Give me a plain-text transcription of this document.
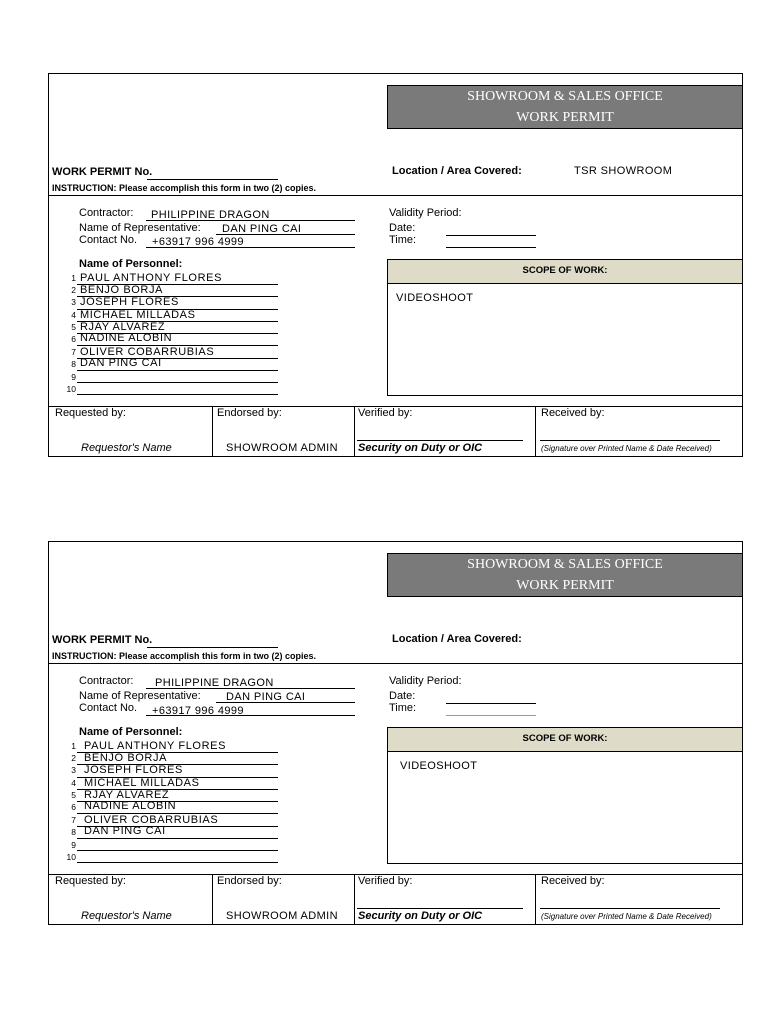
SHOWROOM & SALES OFFICE
WORK PERMIT
WORK PERMIT No.
INSTRUCTION: Please accomplish this form in two (2) copies.
Location / Area Covered:	TSR SHOWROOM
Contractor: PHILIPPINE DRAGON
Name of Representative: DAN PING CAI
Contact No. +63917 996 4999
Validity Period:
Date:
Time:
Name of Personnel:
1 PAUL ANTHONY FLORES
2 BENJO BORJA
3 JOSEPH FLORES
4 MICHAEL MILLADAS
5 RJAY ALVAREZ
6 NADINE ALOBIN
7 OLIVER COBARRUBIAS
8 DAN PING CAI
9
10
SCOPE OF WORK:
VIDEOSHOOT
Requested by:
Requestor's Name
Endorsed by:
SHOWROOM ADMIN
Verified by:
Security on Duty or OIC
Received by:
(Signature over Printed Name & Date Received)
SHOWROOM & SALES OFFICE
WORK PERMIT
WORK PERMIT No.
INSTRUCTION: Please accomplish this form in two (2) copies.
Location / Area Covered:
Contractor: PHILIPPINE DRAGON
Name of Representative: DAN PING CAI
Contact No. +63917 996 4999
Validity Period:
Date:
Time:
Name of Personnel:
1 PAUL ANTHONY FLORES
2 BENJO BORJA
3 JOSEPH FLORES
4 MICHAEL MILLADAS
5 RJAY ALVAREZ
6 NADINE ALOBIN
7 OLIVER COBARRUBIAS
8 DAN PING CAI
9
10
SCOPE OF WORK:
VIDEOSHOOT
Requested by:
Requestor's Name
Endorsed by:
SHOWROOM ADMIN
Verified by:
Security on Duty or OIC
Received by:
(Signature over Printed Name & Date Received)
